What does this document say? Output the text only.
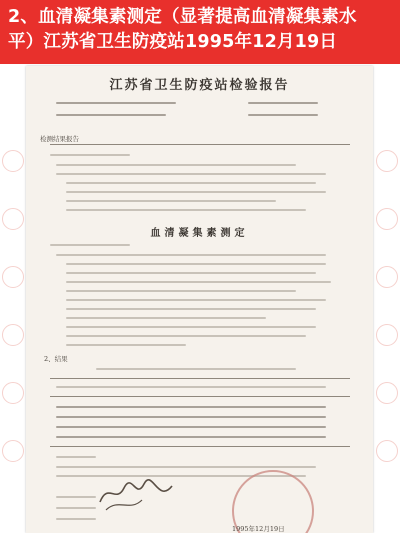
2、血清凝集素测定（显著提高血清凝集素水
平）江苏省卫生防疫站1995年12月19日
江苏省卫生防疫站检验报告
检测结果报告
血清凝集素测定
2、结果
1995年12月19日
